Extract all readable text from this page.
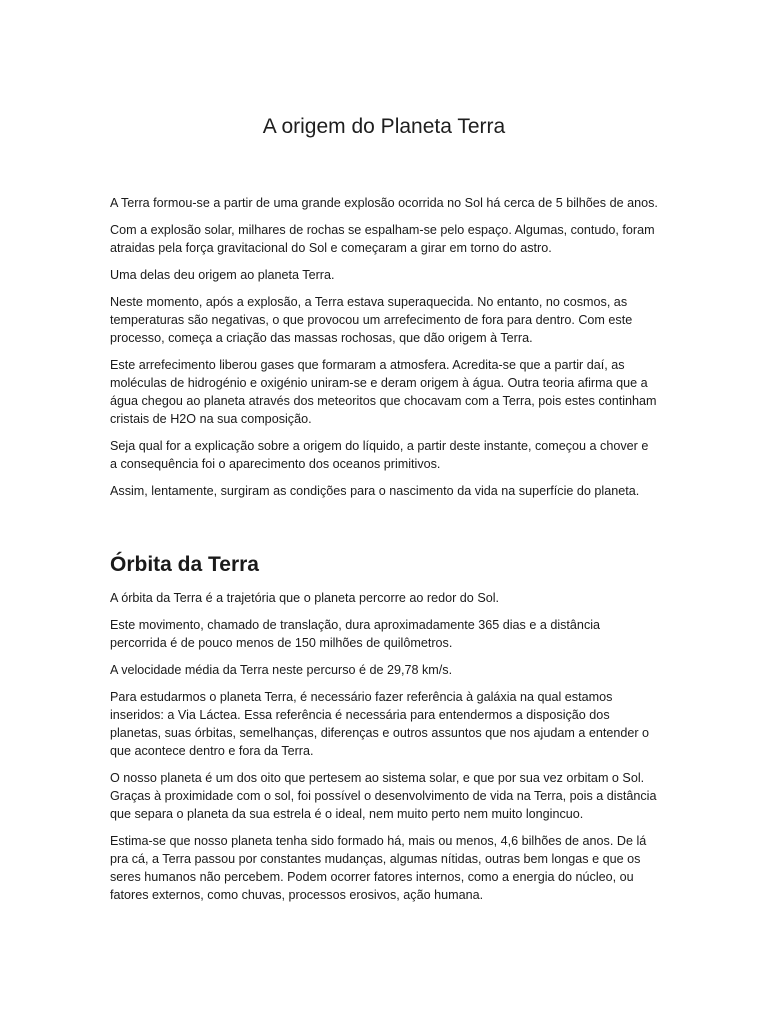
A origem do Planeta Terra

A Terra formou-se a partir de uma grande explosão ocorrida no Sol há cerca de 5 bilhões de anos.

Com a explosão solar, milhares de rochas se espalham-se pelo espaço. Algumas, contudo, foram atraidas pela força gravitacional do Sol e começaram a girar em torno do astro.

Uma delas deu origem ao planeta Terra.

Neste momento, após a explosão, a Terra estava superaquecida. No entanto, no cosmos, as temperaturas são negativas, o que provocou um arrefecimento de fora para dentro. Com este processo, começa a criação das massas rochosas, que dão origem à Terra.

Este arrefecimento liberou gases que formaram a atmosfera. Acredita-se que a partir daí, as moléculas de hidrogénio e oxigénio uniram-se e deram origem à água. Outra teoria afirma que a água chegou ao planeta através dos meteoritos que chocavam com a Terra, pois estes continham cristais de H2O na sua composição.

Seja qual for a explicação sobre a origem do líquido, a partir deste instante, começou a chover e a consequência foi o aparecimento dos oceanos primitivos.

Assim, lentamente, surgiram as condições para o nascimento da vida na superfície do planeta.

Órbita da Terra

A órbita da Terra é a trajetória que o planeta percorre ao redor do Sol.

Este movimento, chamado de translação, dura aproximadamente 365 dias e a distância percorrida é de pouco menos de 150 milhões de quilômetros.

A velocidade média da Terra neste percurso é de 29,78 km/s.

Para estudarmos o planeta Terra, é necessário fazer referência à galáxia na qual estamos inseridos: a Via Láctea. Essa referência é necessária para entendermos a disposição dos planetas, suas órbitas, semelhanças, diferenças e outros assuntos que nos ajudam a entender o que acontece dentro e fora da Terra.

O nosso planeta é um dos oito que pertesem ao sistema solar, e que por sua vez orbitam o Sol. Graças à proximidade com o sol, foi possível o desenvolvimento de vida na Terra, pois a distância que separa o planeta da sua estrela é o ideal, nem muito perto nem muito longincuo.

Estima-se que nosso planeta tenha sido formado há, mais ou menos, 4,6 bilhões de anos. De lá pra cá, a Terra passou por constantes mudanças, algumas nítidas, outras bem longas e que os seres humanos não percebem. Podem ocorrer fatores internos, como a energia do núcleo, ou fatores externos, como chuvas, processos erosivos, ação humana.
